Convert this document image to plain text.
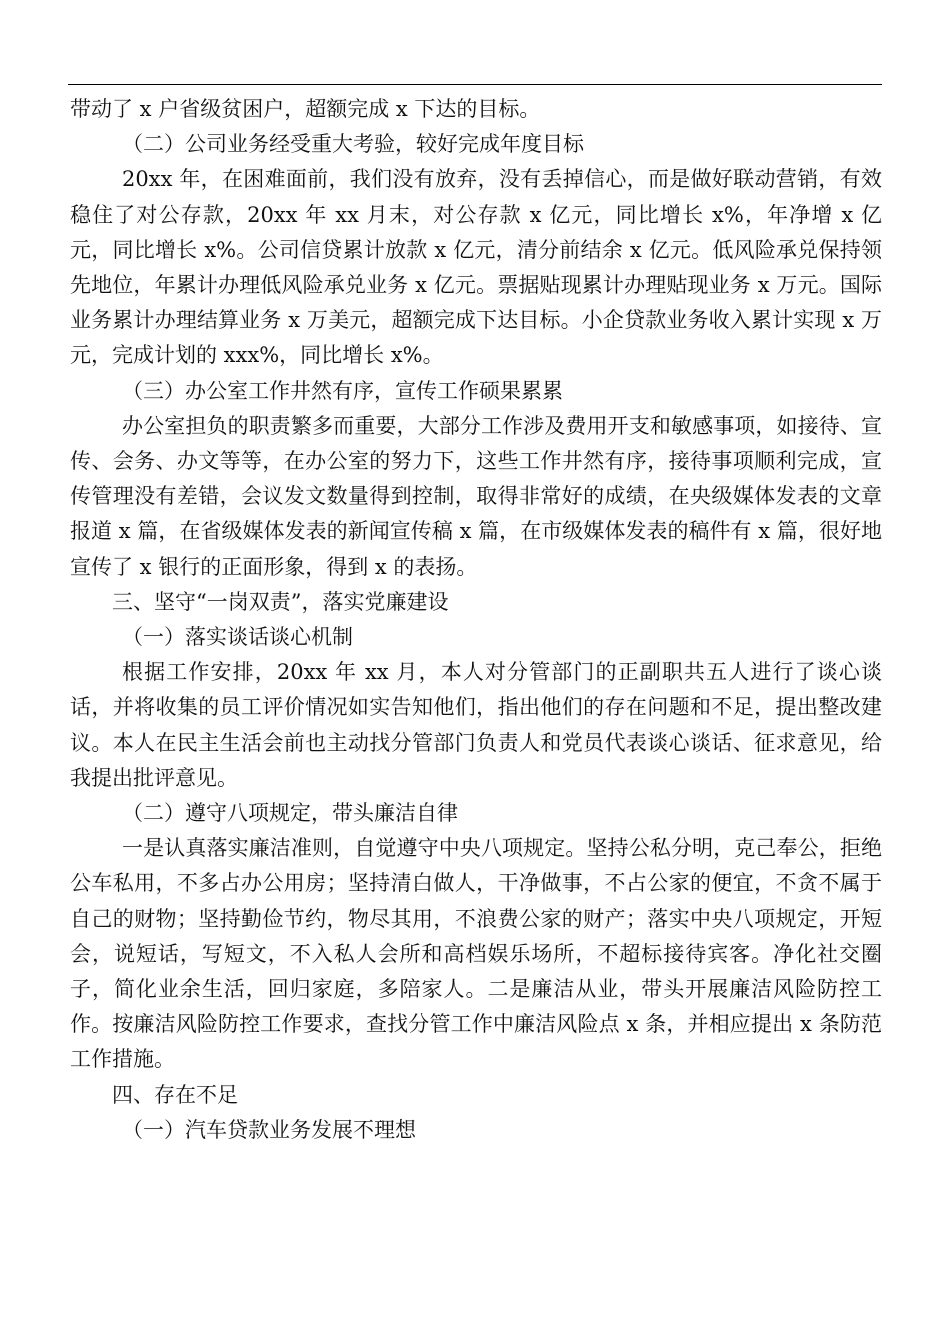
带动了 x 户省级贫困户，超额完成 x 下达的目标。

（二）公司业务经受重大考验，较好完成年度目标

20xx 年，在困难面前，我们没有放弃，没有丢掉信心，而是做好联动营销，有效稳住了对公存款，20xx 年 xx 月末，对公存款 x 亿元，同比增长 x%，年净增 x 亿元，同比增长 x%。公司信贷累计放款 x 亿元，清分前结余 x 亿元。低风险承兑保持领先地位，年累计办理低风险承兑业务 x 亿元。票据贴现累计办理贴现业务 x 万元。国际业务累计办理结算业务 x 万美元，超额完成下达目标。小企贷款业务收入累计实现 x 万元，完成计划的 xxx%，同比增长 x%。

（三）办公室工作井然有序，宣传工作硕果累累

办公室担负的职责繁多而重要，大部分工作涉及费用开支和敏感事项，如接待、宣传、会务、办文等等，在办公室的努力下，这些工作井然有序，接待事项顺利完成，宣传管理没有差错，会议发文数量得到控制，取得非常好的成绩，在央级媒体发表的文章报道 x 篇，在省级媒体发表的新闻宣传稿 x 篇，在市级媒体发表的稿件有 x 篇，很好地宣传了 x 银行的正面形象，得到 x 的表扬。

三、坚守“一岗双责”，落实党廉建设

（一）落实谈话谈心机制

根据工作安排，20xx 年 xx 月，本人对分管部门的正副职共五人进行了谈心谈话，并将收集的员工评价情况如实告知他们，指出他们的存在问题和不足，提出整改建议。本人在民主生活会前也主动找分管部门负责人和党员代表谈心谈话、征求意见，给我提出批评意见。

（二）遵守八项规定，带头廉洁自律

一是认真落实廉洁准则，自觉遵守中央八项规定。坚持公私分明，克己奉公，拒绝公车私用，不多占办公用房；坚持清白做人，干净做事，不占公家的便宜，不贪不属于自己的财物；坚持勤俭节约，物尽其用，不浪费公家的财产；落实中央八项规定，开短会，说短话，写短文，不入私人会所和高档娱乐场所，不超标接待宾客。净化社交圈子，简化业余生活，回归家庭，多陪家人。二是廉洁从业，带头开展廉洁风险防控工作。按廉洁风险防控工作要求，查找分管工作中廉洁风险点 x 条，并相应提出 x 条防范工作措施。

四、存在不足

（一）汽车贷款业务发展不理想
